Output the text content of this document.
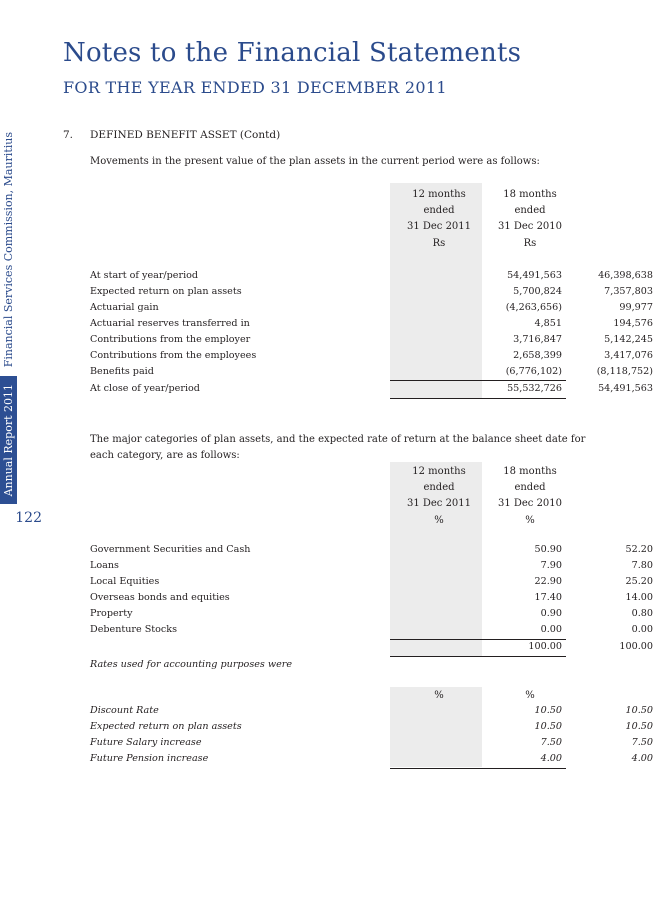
Notes to the Financial Statements
FOR THE YEAR ENDED 31 DECEMBER 2011
Financial Services Commission, Mauritius
Annual Report 2011
122
7. DEFINED BENEFIT ASSET (Contd)
Movements in the present value of the plan assets in the current period were as follows:
12 months
ended
31 Dec 2011
Rs
18 months
ended
31 Dec 2010
Rs
At start of year/period	54,491,563	46,398,638
Expected return on plan assets	5,700,824	7,357,803
Actuarial gain	(4,263,656)	99,977
Actuarial reserves transferred in	4,851	194,576
Contributions from the employer	3,716,847	5,142,245
Contributions from the employees	2,658,399	3,417,076
Benefits paid	(6,776,102)	(8,118,752)
At close of year/period	55,532,726	54,491,563
The major categories of plan assets, and the expected rate of return at the balance sheet date for each category, are as follows:
12 months
ended
31 Dec 2011
%
18 months
ended
31 Dec 2010
%
Government Securities and Cash	50.90	52.20
Loans	7.90	7.80
Local Equities	22.90	25.20
Overseas bonds and equities	17.40	14.00
Property	0.90	0.80
Debenture Stocks	0.00	0.00
100.00	100.00
Rates used for accounting purposes were
%	%
Discount Rate	10.50	10.50
Expected return on plan assets	10.50	10.50
Future Salary increase	7.50	7.50
Future Pension increase	4.00	4.00
